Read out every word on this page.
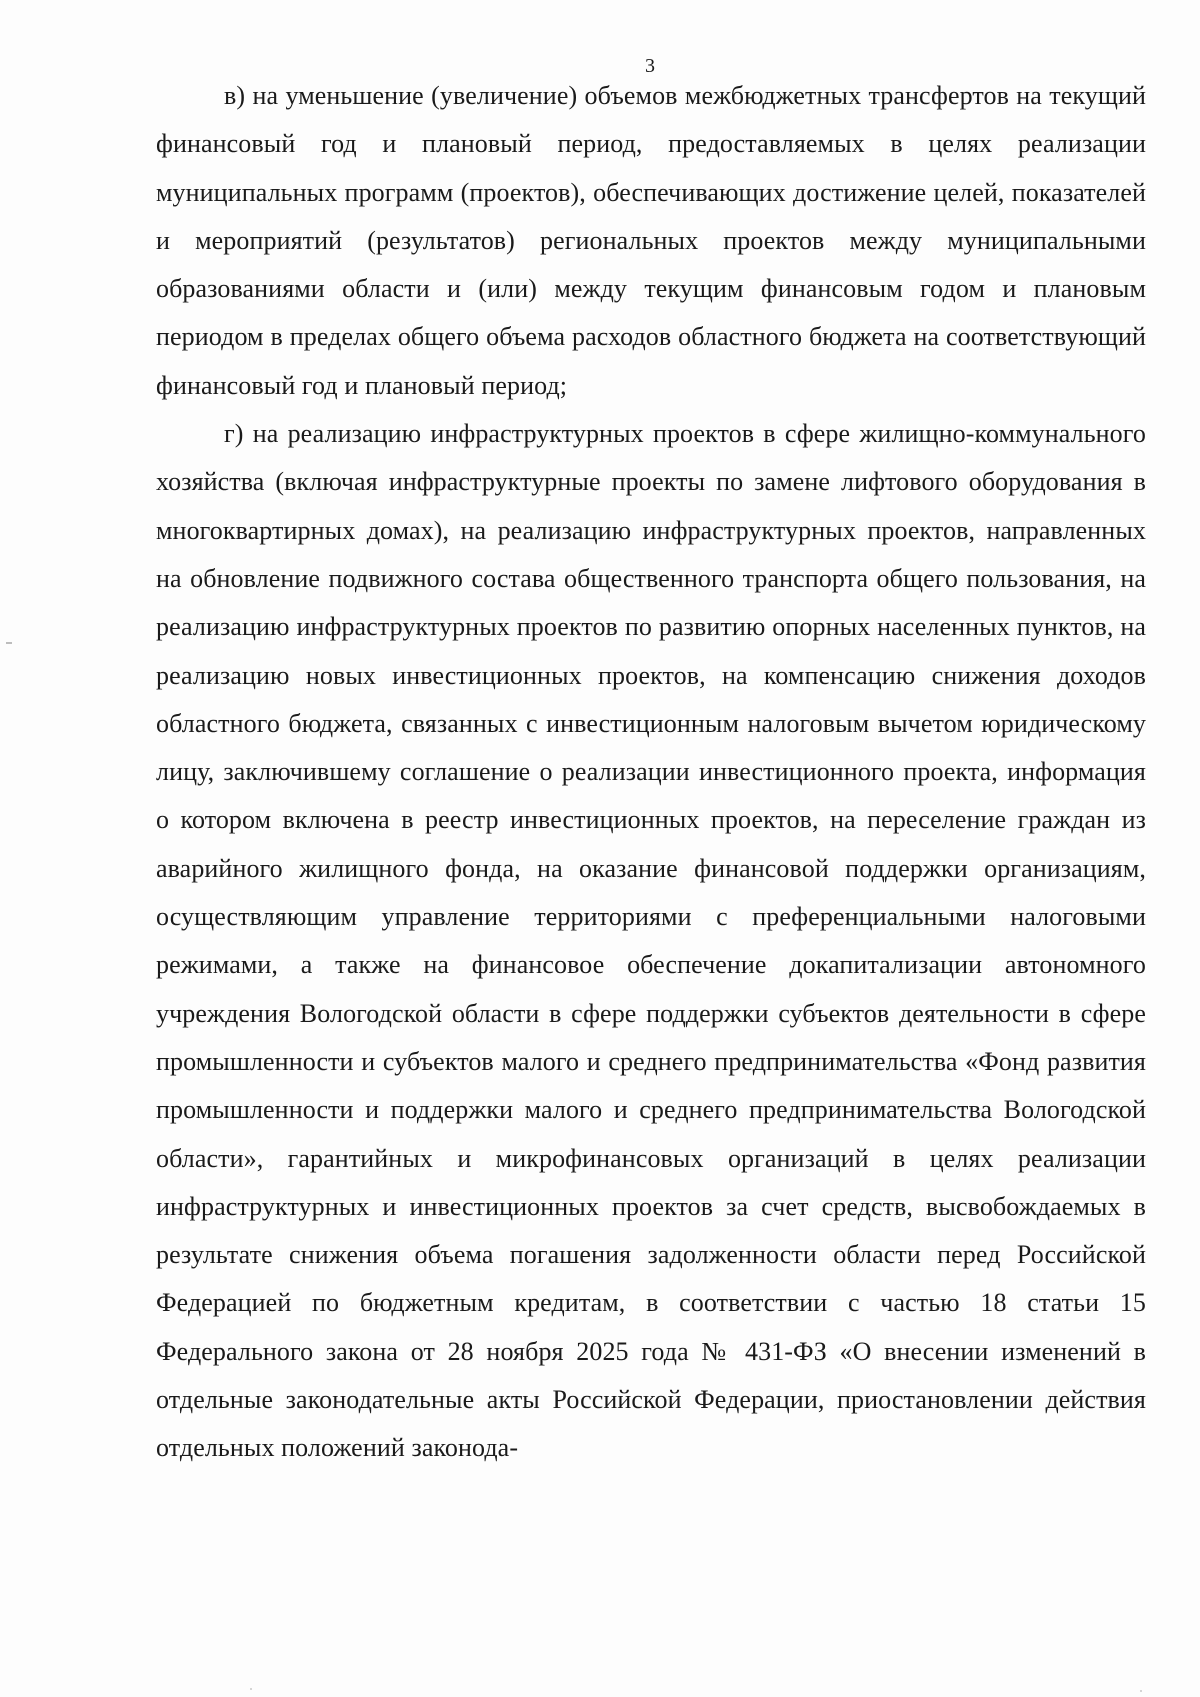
3

в) на уменьшение (увеличение) объемов межбюджетных трансфертов на текущий финансовый год и плановый период, предоставляемых в целях реализации муниципальных программ (проектов), обеспечивающих достижение целей, показателей и мероприятий (результатов) региональных проектов между муниципальными образованиями области и (или) между текущим финансовым годом и плановым периодом в пределах общего объема расходов областного бюджета на соответствующий финансовый год и плановый период;

г) на реализацию инфраструктурных проектов в сфере жилищно-коммунального хозяйства (включая инфраструктурные проекты по замене лифтового оборудования в многоквартирных домах), на реализацию инфраструктурных проектов, направленных на обновление подвижного состава общественного транспорта общего пользования, на реализацию инфраструктурных проектов по развитию опорных населенных пунктов, на реализацию новых инвестиционных проектов, на компенсацию снижения доходов областного бюджета, связанных с инвестиционным налоговым вычетом юридическому лицу, заключившему соглашение о реализации инвестиционного проекта, информация о котором включена в реестр инвестиционных проектов, на переселение граждан из аварийного жилищного фонда, на оказание финансовой поддержки организациям, осуществляющим управление территориями с преференциальными налоговыми режимами, а также на финансовое обеспечение докапитализации автономного учреждения Вологодской области в сфере поддержки субъектов деятельности в сфере промышленности и субъектов малого и среднего предпринимательства «Фонд развития промышленности и поддержки малого и среднего предпринимательства Вологодской области», гарантийных и микрофинансовых организаций в целях реализации инфраструктурных и инвестиционных проектов за счет средств, высвобождаемых в результате снижения объема погашения задолженности области перед Российской Федерацией по бюджетным кредитам, в соответствии с частью 18 статьи 15 Федерального закона от 28 ноября 2025 года № 431-ФЗ «О внесении изменений в отдельные законодательные акты Российской Федерации, приостановлении действия отдельных положений законода-
